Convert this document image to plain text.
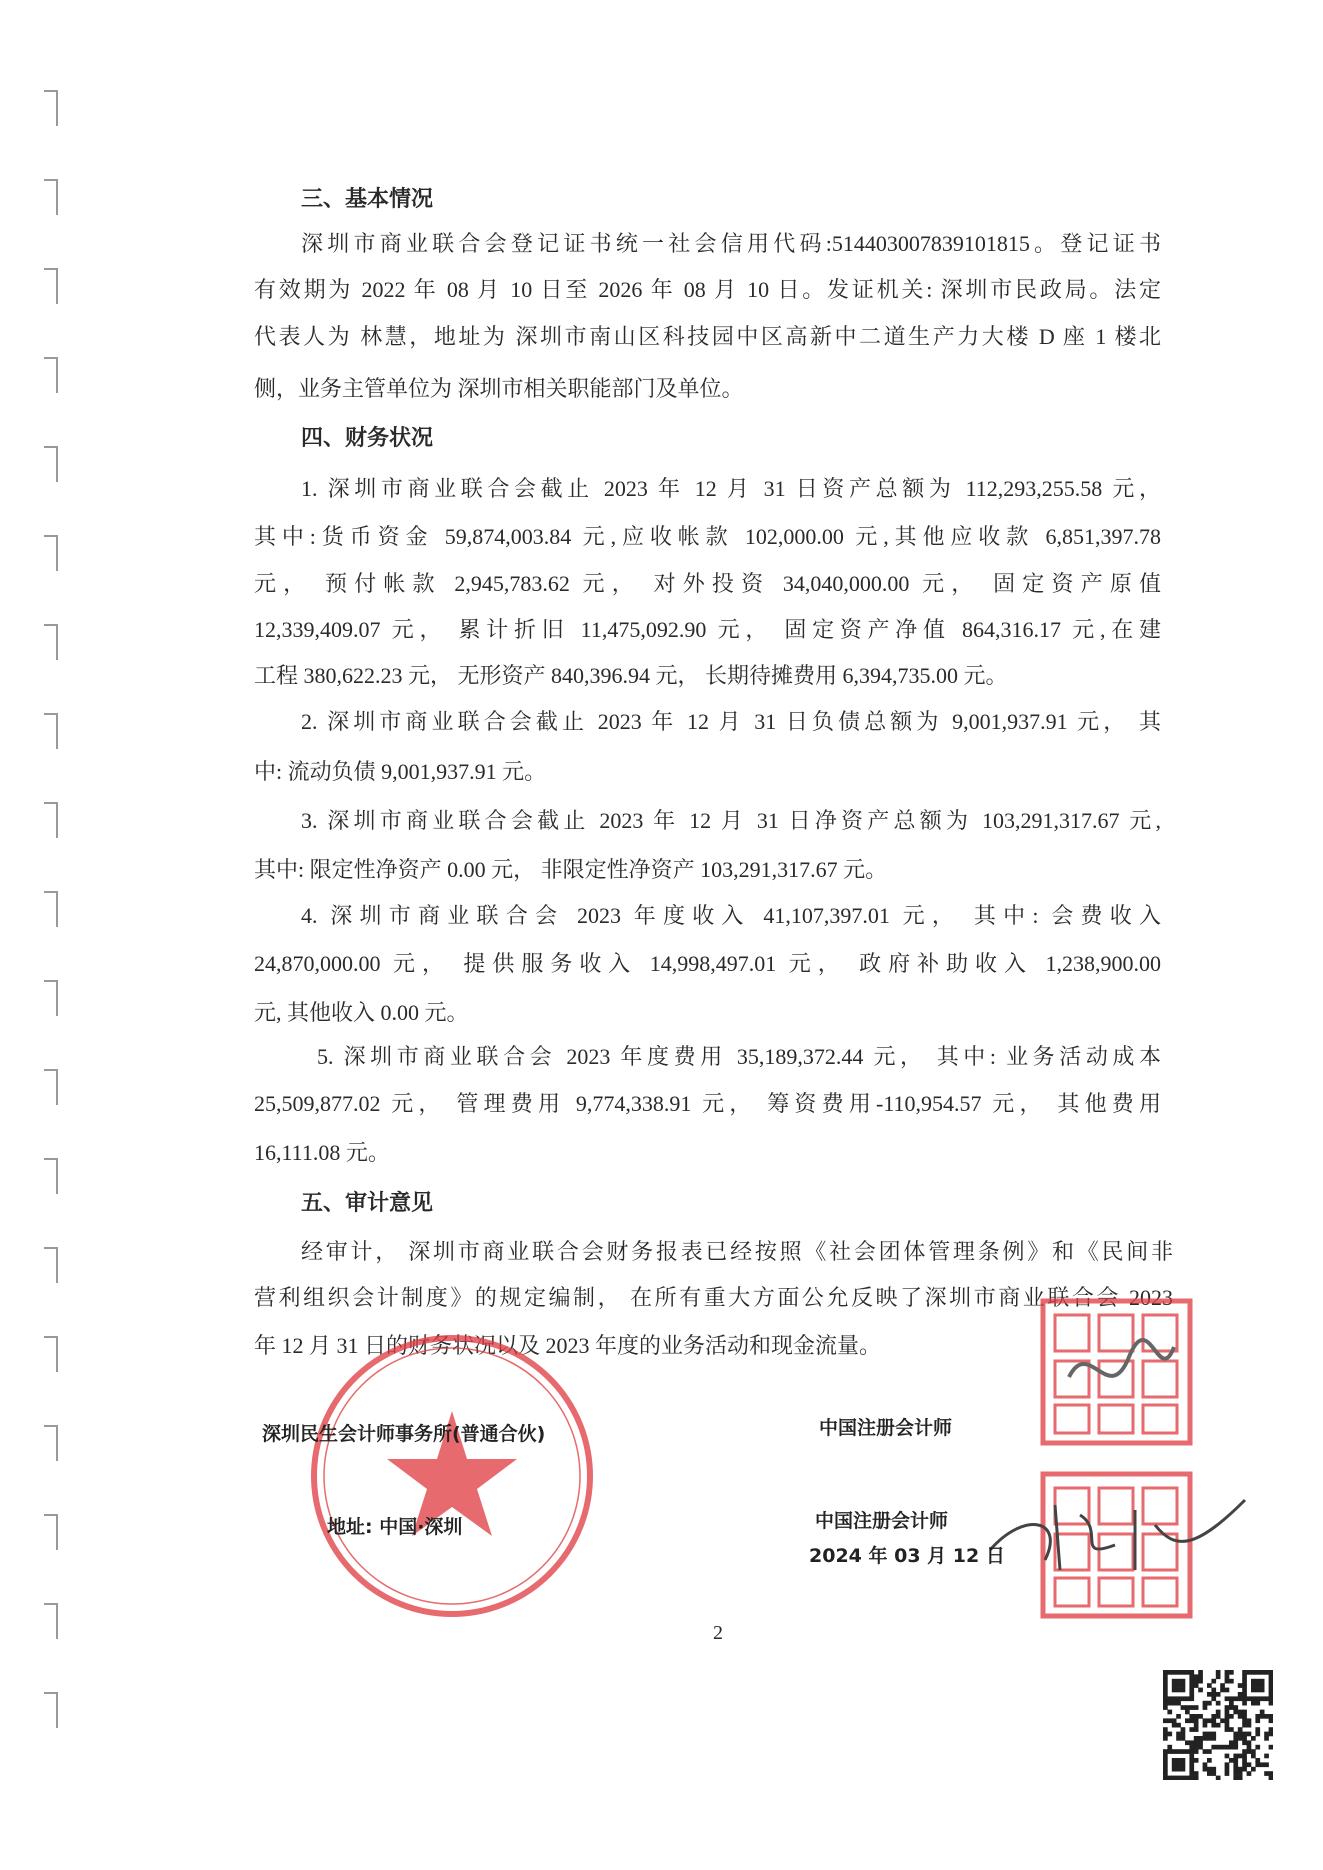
三、基本情况
深圳市商业联合会登记证书统一社会信用代码:51440300783910181​5。登记证书
有效期为 2022 年 08 月 10 日至 2026 年 08 月 10 日。发证机关: 深圳市民政局。法定
代表人为 林慧，地址为 深圳市南山区科技园中区高新中二道生产力大楼 D 座 1 楼北
侧，业务主管单位为 深圳市相关职能部门及单位。
四、财务状况
1. 深圳市商业联合会截止 2023 年 12 月 31 日资产总额为 112,293,255.58 元，
其中:货币资金 59,874,003.84 元,应收帐款 102,000.00 元,其他应收款 6,851,397.78
元， 预付帐款 2,945,783.62 元， 对外投资 34,040,000.00 元， 固定资产原值
12,339,409.07 元， 累计折旧 11,475,092.90 元， 固定资产净值 864,316.17 元,在建
工程 380,622.23 元， 无形资产 840,396.94 元， 长期待摊费用 6,394,735.00 元。
2. 深圳市商业联合会截止 2023 年 12 月 31 日负债总额为 9,001,937.91 元， 其
中: 流动负债 9,001,937.91 元。
3. 深圳市商业联合会截止 2023 年 12 月 31 日净资产总额为 103,291,317.67 元,
其中: 限定性净资产 0.00 元， 非限定性净资产 103,291,317.67 元。
4. 深圳市商业联合会 2023 年度收入 41,107,397.01 元， 其中: 会费收入
24,870,000.00 元， 提供服务收入 14,998,497.01 元， 政府补助收入 1,238,900.00
元, 其他收入 0.00 元。
5. 深圳市商业联合会 2023 年度费用 35,189,372.44 元， 其中: 业务活动成本
25,509,877.02 元， 管理费用 9,774,338.91 元， 筹资费用-110,954.57 元， 其他费用
16,111.08 元。
五、审计意见
经审计， 深圳市商业联合会财务报表已经按照《社会团体管理条例》和《民间非
营利组织会计制度》的规定编制， 在所有重大方面公允反映了深圳市商业联合会 2023
年 12 月 31 日的财务状况以及 2023 年度的业务活动和现金流量。
深圳民生会计师事务所(普通合伙)
地址: 中国·深圳
中国注册会计师
中国注册会计师
2024 年 03 月 12 日
2
